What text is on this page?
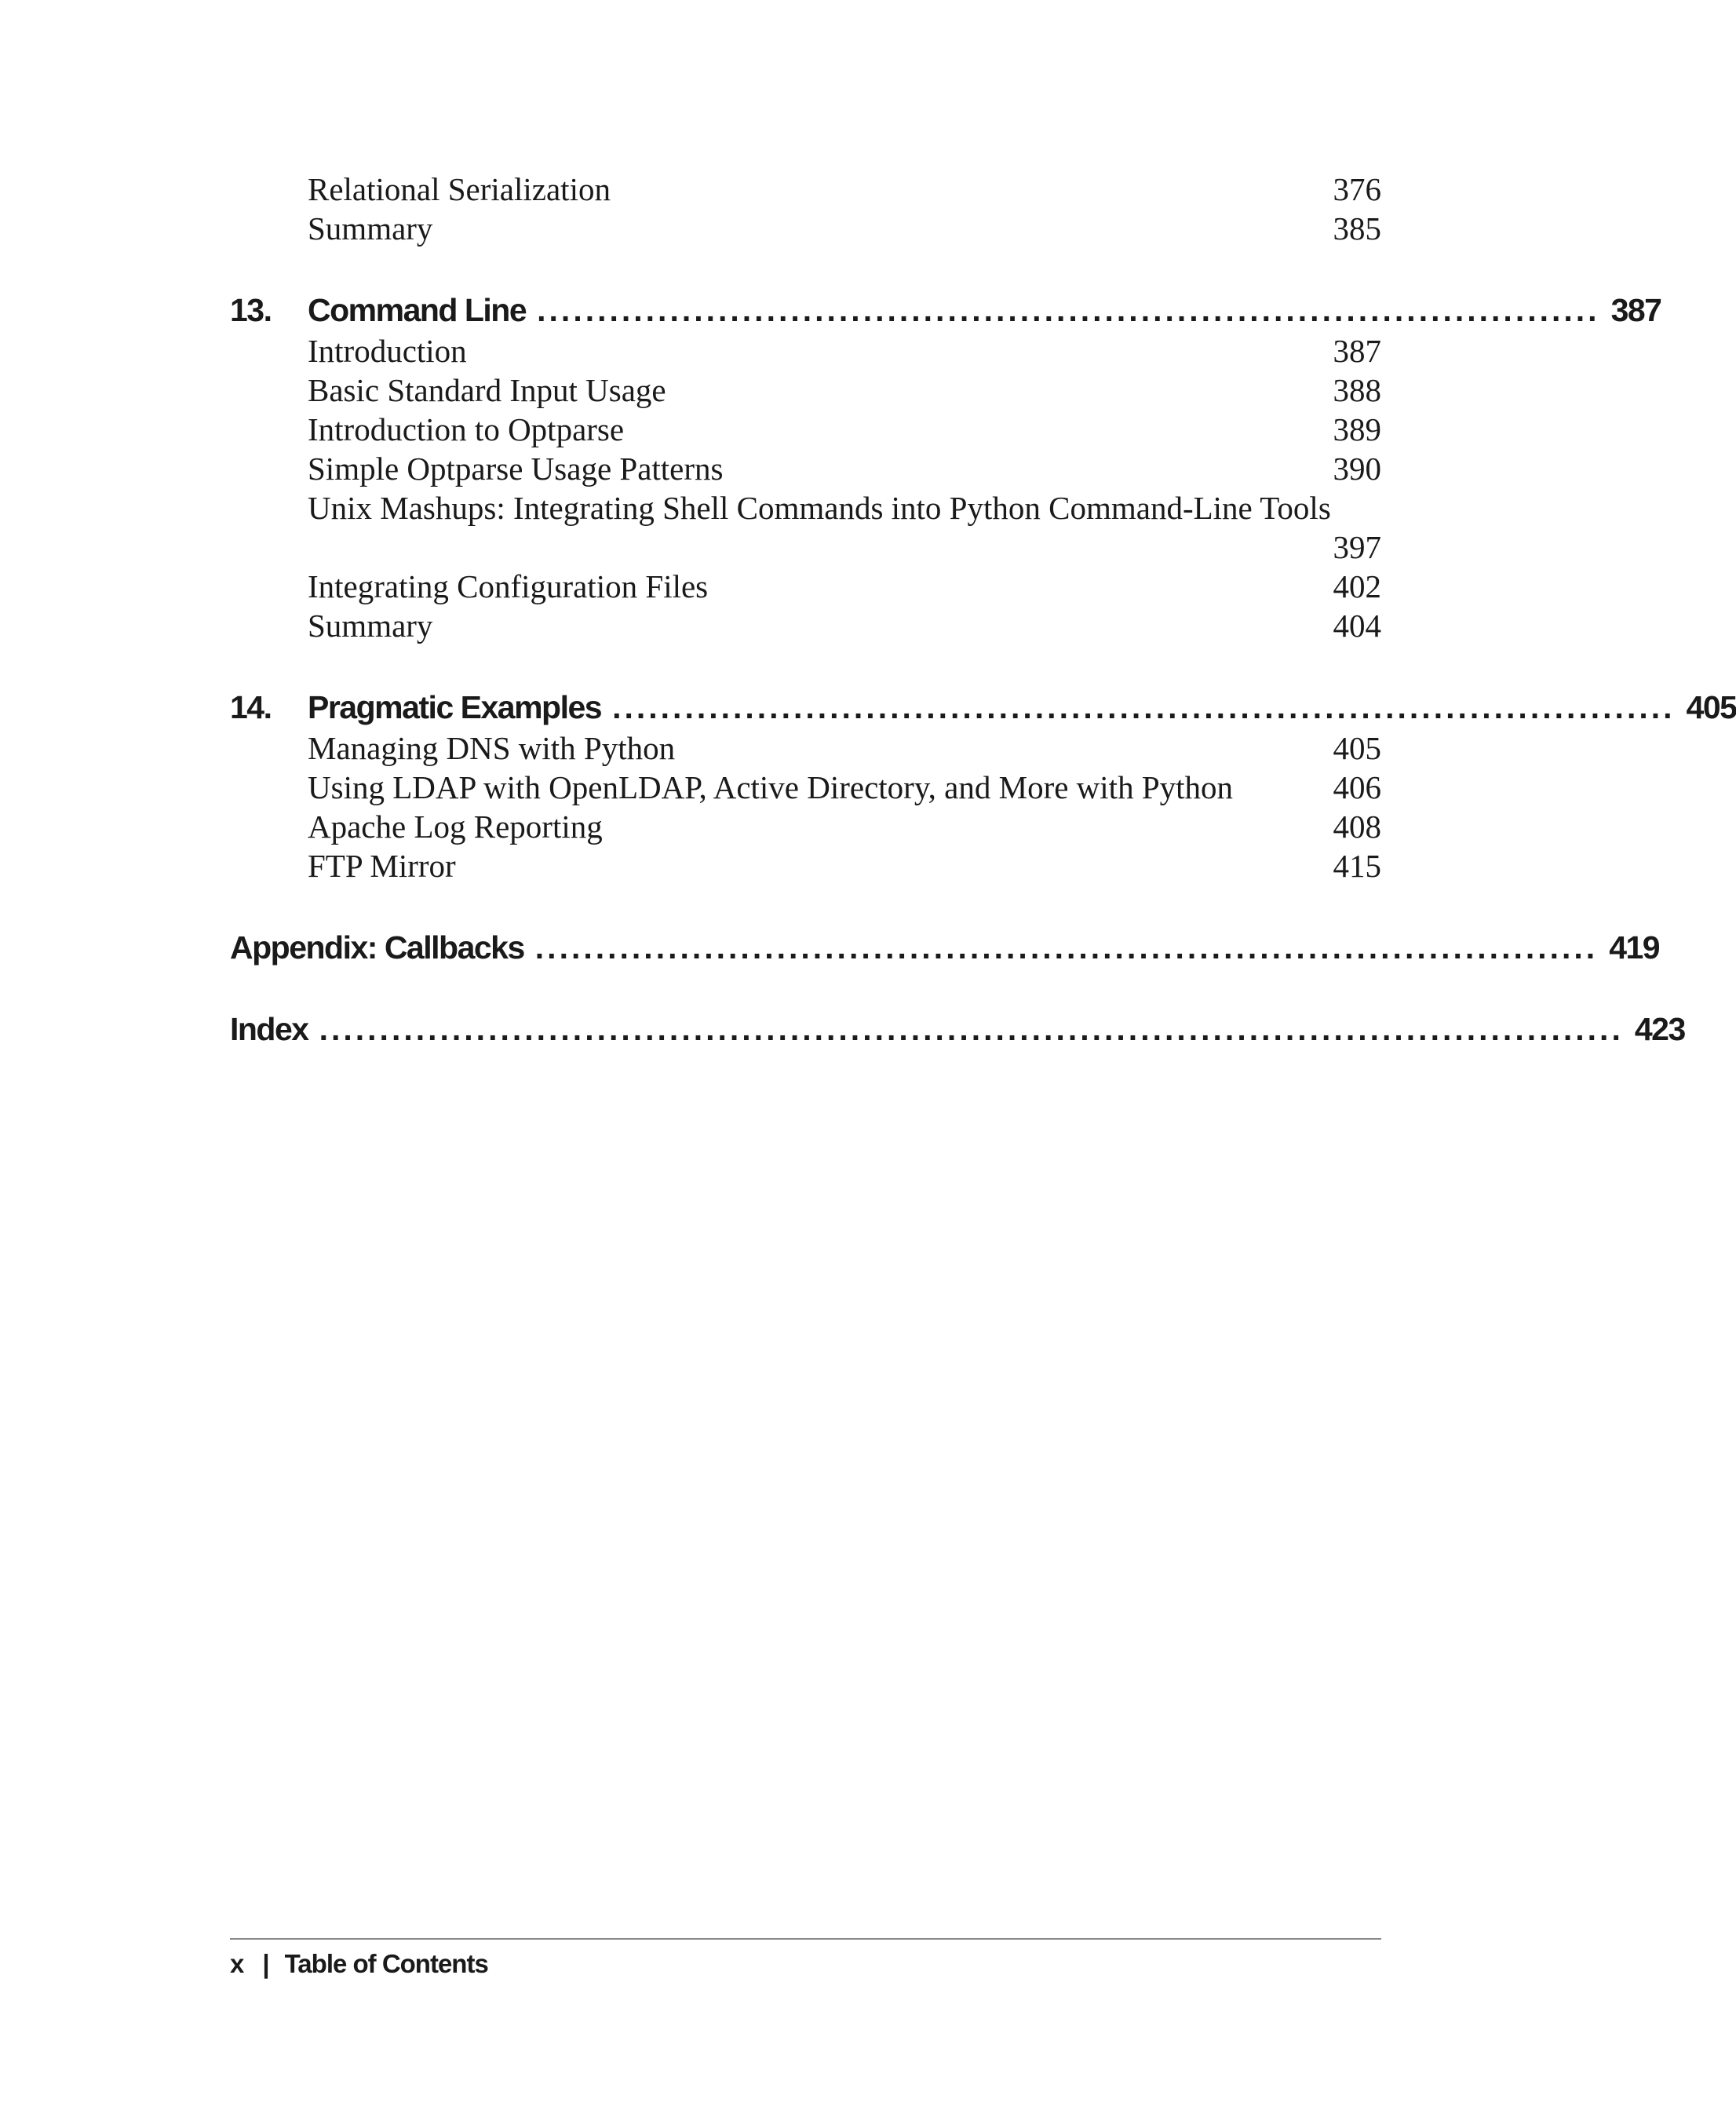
Relational Serialization	376
Summary	385
13.	Command Line ........................................................................................ 387
Introduction	387
Basic Standard Input Usage	388
Introduction to Optparse	389
Simple Optparse Usage Patterns	390
Unix Mashups: Integrating Shell Commands into Python Command-Line Tools
397
Integrating Configuration Files	402
Summary	404
14.	Pragmatic Examples ........................................................................................ 405
Managing DNS with Python	405
Using LDAP with OpenLDAP, Active Directory, and More with Python	406
Apache Log Reporting	408
FTP Mirror	415
Appendix: Callbacks ........................................................................................ 419
Index ............................................................................................................ 423
x | Table of Contents
